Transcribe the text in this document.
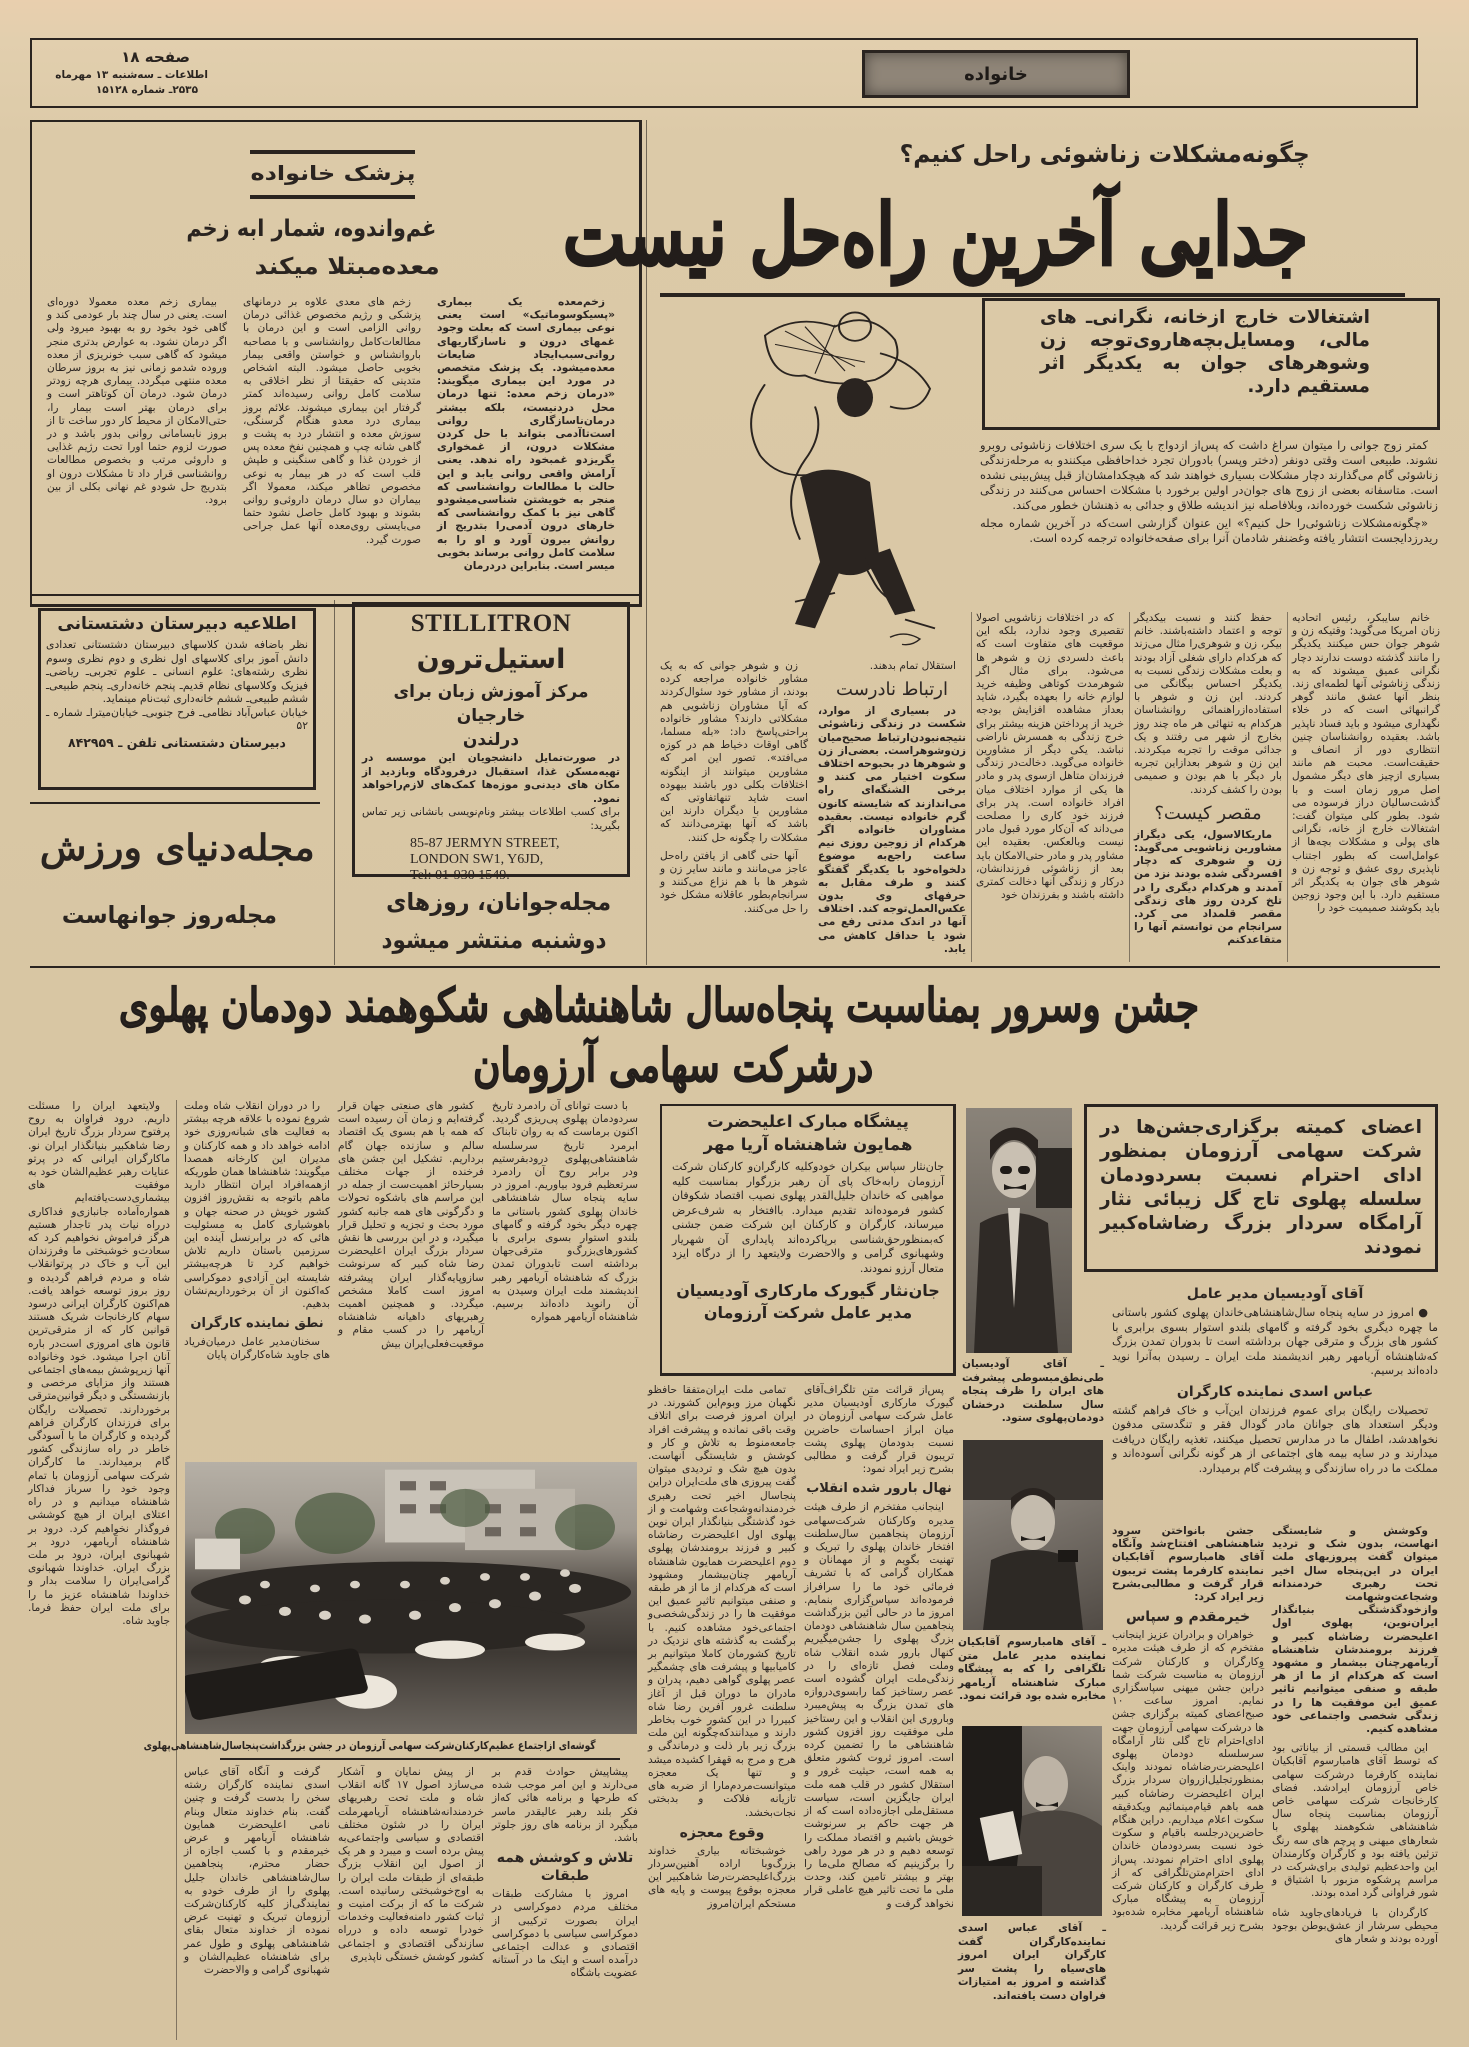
صفحه ۱۸
اطلاعات ـ سه‌شنبه ۱۳ مهرماه
۲۵۳۵ـ شماره ۱۵۱۲۸
خانواده
پزشک خانواده
غم‌واندوه، شمار ابه زخم
معده‌مبتلا میکند

زخم‌معده یک بیماری «پسیکوسوماتیک» است یعنی نوعی بیماری است که بعلت وجود غمهای درون و ناسازگاریهای روانی‌سبب‌ایجاد ضایعات معده‌میشود. یک پزشک متخصص در مورد این بیماری میگویند: «درمان زخم معده: تنها درمان محل دردنیست، بلکه بیشتر درمان‌ناسازگاری روانی است‌تاآدمی بتواند با حل کردن مشکلات درون، از غمخواری بگریزدو غمبخود راه ندهد. یعنی آرامش واقعی روانی یابد و این حالت با مطالعات روانشناسی که منجر به خویشتن شناسی‌میشودو گاهی نیز با کمک روانشناسی که خارهای درون آدمی‌را بتدریج از روانش بیرون آورد و او را به سلامت کامل روانی برساند بخوبی میسر است. بنابراین دردرمان

زخم های معدی علاوه بر درمانهای پزشکی و رژیم مخصوص غذائی درمان روانی الزامی است و این درمان با مطالعات‌کامل روانشناسی و با مصاحبه باروانشناس و خواستن واقعی بیمار بخوبی حاصل میشود. البته اشخاص متدینی که حقیقتا از نظر اخلاقی به سلامت کامل روانی رسیده‌اند کمتر گرفتار این بیماری میشوند. علائم بروز بیماری درد معدو هنگام گرسنگی، سوزش معده و انتشار درد به پشت و گاهی شانه چپ و همچنین نفخ معده پس از خوردن غذا و گاهی سنگینی و طپش قلب است که در هر بیمار به نوعی مخصوص تظاهر میکند، معمولا اگر بیماران دو سال درمان داروئی‌و روانی بشوند و بهبود کامل حاصل نشود حتما می‌بایستی روی‌معده آنها عمل جراحی صورت گیرد.

بیماری زخم معده معمولا دوره‌ای است. یعنی در سال چند بار عودمی کند و گاهی خود بخود رو به بهبود میرود ولی اگر درمان نشود. به عوارض بدتری منجر میشود که گاهی سبب خونریزی از معده وروده شدمو زمانی نیز به بروز سرطان معده منتهی میگردد. بیماری هرچه زودتر درمان شود. درمان آن کوتاهتر است و برای درمان بهتر است بیمار را، حتی‌الامکان از محیط کار دور ساخت تا از بروز نابسامانی روانی بدور باشد و در صورت لزوم حتما اورا تحت رژیم غذایی و داروئی مرتب و بخصوص مطالعات روانشناسی قرار داد تا مشکلات درون او بتدریج حل شودو غم نهانی بکلی از بین برود.

چگونه‌مشکلات زناشوئی راحل کنیم؟
جدایی آخرین راه‌حل نیست
اشتغالات خارج ازخانه، نگرانی‌ـ های مالی، ومسایل‌بچه‌هاروی‌توجه زن وشوهرهای جوان به یکدیگر اثر مستقیم دارد.

کمتر زوج جوانی را میتوان سراغ داشت که پس‌از ازدواج با یک سری اختلافات زناشوئی روبرو نشوند. طبیعی است وقتی دونفر (دختر وپسر) بادوران تجرد خداحافظی میکنندو به مرحله‌زندگی زناشوئی گام می‌گذارند دچار مشکلات بسیاری خواهند شد که هیچکدامشان‌از قبل پیش‌بینی نشده است. متاسفانه بعضی از زوج های جوان‌در اولین برخورد با مشکلات احساس می‌کنند در زندگی زناشوئی شکست خورده‌اند، وبلافاصله نیز اندیشه طلاق و جدائی به ذهنشان خطور می‌کند.

«چگونه‌مشکلات زناشوئی‌را حل کنیم؟» این عنوان گزارشی است‌که در آخرین شماره مجله ریدرزدایجست انتشار یافته وغضنفر شادمان آنرا برای صفحه‌خانواده ترجمه کرده است.

خانم سایبکر، رئیس اتحادیه زنان امریکا می‌گوید: وقتیکه زن و شوهر جوان حس میکنند یکدیگر را مانند گذشته دوست ندارند دچار نگرانی عمیق میشوند که به زندگی زناشوئی آنها لطمه‌ای زند. بنظر آنها عشق مانند گوهر گرانبهائی است که در خلاء نگهداری میشود و باید فساد ناپذیر باشد. بعقیده روانشناسان چنین انتظاری دور از انصاف و حقیقت‌است. محبت هم مانند بسیاری ازچیز های دیگر مشمول اصل مرور زمان است و با گذشت‌سالیان دراز فرسوده می شود. بطور کلی میتوان گفت: اشتغالات خارج از خانه، نگرانی های پولی و مشکلات بچه‌ها از عوامل‌است که بطور اجتناب ناپذیری روی عشق و توجه زن و شوهر های جوان به یکدیگر اثر مستقیم دارد. با این وجود زوجین باید بکوشند صمیمیت خود را

حفظ کنند و نسبت بیکدیگر توجه و اعتماد داشته‌باشند. خانم بیکر، زن و شوهری‌را مثال می‌زند که هرکدام دارای شغلی آزاد بودند و بعلت مشکلات زندگی نسبت به یکدیگر احساس بیگانگی می کردند. این زن و شوهر با استفاده‌ازراهنمائی روانشناسان هرکدام به تنهائی هر ماه چند روز بخارج از شهر می رفتند و یک جدائی موقت را تجربه میکردند. این زن و شوهر بعدازاین تجربه بار دیگر با هم بودن و صمیمی بودن را کشف کردند.

مقصر کیست؟

ماریکالاسول، یکی دیگراز مشاورین زناشویی می‌گوید: زن و شوهری که دچار افسردگی شده بودند نزد من آمدند و هرکدام دیگری را در تلخ کردن روز های زندگی مقصر قلمداد می کرد. سرانجام من توانستم آنها را متقاعدکنم

که در اختلافات زناشویی اصولا تقصیری وجود ندارد، بلکه این موقعیت های متفاوت است که باعث دلسردی زن و شوهر ها می‌شود. برای مثال اگر شوهرمدت کوتاهی وظیفه خرید لوازم خانه را بعهده بگیرد، شاید بعداز مشاهده افزایش بودجه خرید از پرداختن هزینه بیشتر برای خرج زندگی به همسرش ناراضی نباشد. یکی دیگر از مشاورین خانواده می‌گوید. دخالت‌در زندگی فرزندان متاهل ازسوی پدر و مادر ها یکی از موارد اختلاف میان افراد خانواده است. پدر برای فرزند خود کاری را مصلحت می‌داند که آن‌کار مورد قبول مادر نیست وبالعکس. بعقیده این مشاور پدر و مادر حتی‌الامکان باید بعد از زناشوئی فرزندانشان، درکار و زندگی آنها دخالت کمتری داشته باشند و بفرزندان خود

استقلال تمام بدهند.

ارتباط نادرست

در بسیاری از موارد، شکست در زندگی زناشوئی نتیجه‌نبودن‌ارتباط صحیح‌میان زن‌وشوهراست. بعضی‌از زن و شوهرها در بحبوحه اختلاف سکوت اختیار می کنند و برخی الشنگه‌ای راه می‌اندازند که شایسته کانون گرم خانواده نیست. بعقیده مشاوران خانواده اگر هرکدام از زوجین روزی نیم ساعت راجع‌به موضوع دلخواه‌خود با یکدیگر گفتگو کنند و طرف مقابل به حرفهای وی بدون عکس‌العمل‌توجه کند. اختلاف آنها در اندک مدتی رفع می شود یا حداقل کاهش می یابد.

زن و شوهر جوانی که به یک مشاور خانواده مراجعه کرده بودند، از مشاور خود سئوال‌کردند که آیا مشاوران زناشویی هم مشکلاتی دارند؟ مشاور خانواده براحتی‌پاسخ داد: «بله مسلما، گاهی اوقات دخیاط هم در کوزه می‌افتد». تصور این امر که مشاورین میتوانند از اینگونه اختلافات بکلی دور باشند بیهوده است شاید تنهاتفاوتی که مشاورین با دیگران دارند این باشد که آنها بهترمی‌دانند که مشکلات را چگونه حل کنند.

آنها حتی گاهی از یافتن راه‌حل عاجز می‌مانند و مانند سایر زن و شوهر ها با هم نزاع می‌کنند و سرانجام‌بطور عاقلانه مشکل خود را حل می‌کنند.

اطلاعیه دبیرستان دشتستانی
نظر باضافه شدن کلاسهای دبیرستان دشتستانی تعدادی دانش آموز برای کلاسهای اول نظری و دوم نظری وسوم نظری رشته‌های: علوم انسانی ـ علوم تجربی‌ـ ریاضی‌ـ فیزیک وکلاسهای نظام قدیم‌ـ پنجم خانه‌داری‌ـ پنجم طبیعی‌ـ ششم طبیعی‌ـ ششم خانه‌داری ثبت‌نام مینماید.
خیابان عباس‌آباد نظامی‌ـ فرح جنوبی‌ـ خیابان‌میترا‌ـ شماره ـ ۵۲
دبیرستان دشتستانی تلفن ـ ۸۴۲۹۵۹
مجله‌دنیای ورزش
مجله‌روز جوانهاست
STILLITRON
استیل‌ترون
مرکز آموزش زبان برای خارجیان
درلندن
در صورت‌تمایل دانشجویان این موسسه در تهیه‌مسکن غذا، استقبال درفرودگاه وبازدید از مکان های دیدنی‌و موزه‌ها کمک‌های لازم‌راخواهد نمود.
برای کسب اطلاعات بیشتر ونام‌نویسی بانشانی زیر تماس بگیرید:
85-87 JERMYN STREET,
LONDON SW1, Y6JD,
Tel: 01-930 1549.
مجله‌جوانان، روزهای
دوشنبه منتشر میشود
جشن وسرور بمناسبت پنجاه‌سال شاهنشاهی شکوهمند دودمان پهلوی
درشرکت سهامی آرزومان
اعضای کمیته برگزاری‌جشن‌ها در شرکت سهامی آرزومان بمنظور ادای احترام نسبت بسردودمان سلسله پهلوی تاج گل زیبائی نثار آرامگاه سردار بزرگ رضاشاه‌کبیر نمودند
ـ آقای آودیسیان طی‌نطق‌مبسوطی پیشرفت های ایران را ظرف پنجاه سال سلطنت درخشان دودمان‌پهلوی ستود.
پیشگاه مبارک اعلیحضرت همایون شاهنشاه آریا مهر
جان‌نثار سپاس بیکران خودوکلیه کارگران‌و کارکنان شرکت آرزومان رابه‌خاک پای آن رهبر بزرگوار بمناسبت کلیه مواهبی که خاندان جلیل‌القدر پهلوی نصیب اقتصاد شکوفان کشور فرموده‌اند تقدیم میدارد. باافتخار به شرف‌عرض میرساند، کارگران و کارکنان این شرکت ضمن جشنی که‌بمنظورحق‌شناسی برپاکرده‌اند پایداری آن شهریار وشهبانوی گرامی و والاحضرت ولایتعهد را از درگاه ایزد متعال آرزو نمودند.
جان‌نثار گیورک مارکاری آودیسیان
مدیر عامل شرکت آرزومان
آقای آودیسیان مدیر عامل

● امروز در سایه پنجاه سال‌شاهنشاهی‌خاندان پهلوی کشور باستانی ما چهره دیگری بخود گرفته و گامهای بلندو استوار بسوی برابری با کشور های بزرگ و مترقی جهان برداشته است تا بدوران تمدن بزرگ که‌شاهنشاه آریامهر رهبر اندیشمند ملت ایران ـ رسیدن به‌آنرا نوید داده‌اند برسیم.

عباس اسدی نماینده کارگران

تحصیلات رایگان برای عموم فرزندان این‌آب و خاک فراهم گشته ودیگر استعداد های جوانان مادر گودال فقر و تنگدستی مدفون نخواهدشد، اطفال ما در مدارس تحصیل میکنند، تغذیه رایگان دریافت میدارند و در سایه بیمه های اجتماعی از هر گونه نگرانی آسوده‌اند و مملکت ما در راه سازندگی و پیشرفت گام برمیدارد.

ـ آقای هامبارسوم آقابکیان نماینده مدیر عامل متن تلگرافی را که به پیشگاه مبارک شاهنشاه آریامهر مخابره شده بود قرائت نمود.
ـ آقای عباس اسدی نماینده‌کارگران گفت کارگران ایران امروز های‌سیاه را پشت سر گذاشته و امروز به امتیازات فراوان دست یافته‌اند.

وکوشش و شایستگی انهاست، بدون شک و تردید میتوان گفت پیروزیهای ملت ایران در این‌پنجاه سال اخیر تحت رهبری خردمندانه وشجاعت‌وشهامت وازخودگذشتگی بنیانگذار ایران‌نوین، پهلوی اول اعلیحضرت رضاشاه کبیر و فرزند برومندشان شاهنشاه آریامهرچنان بیشمار و مشهود است که هرکدام از ما از هر طبقه و صنفی میتوانیم تاثیر عمیق این موفقیت ها را در زندگی شخصی واجتماعی خود مشاهده کنیم.

این مطالب قسمتی از بیاناتی بود که توسط آقای هامبارسوم آقابکیان نماینده کارفرما درشرکت سهامی خاص آرزومان ایرادشد. فضای کارخانجات شرکت سهامی خاص آرزومان بمناسبت پنجاه سال شاهنشاهی شکوهمند پهلوی با شعارهای میهنی و پرچم های سه رنگ تزئین یافته بود و کارگران وکارمندان این واحدعظیم تولیدی برای‌شرکت در مراسم پرشکوه مزبور با اشتیاق و شور فراوانی گرد امده بودند.

کارگردان با فریادهای‌جاوید شاه محیطی سرشار از عشق‌بوطن بوجود آورده بودند و شعار های

جشن بانواختن سرود شاهنشاهی افتتاح‌شد وآنگاه آقای هامبارسوم آقابکیان نماینده کارفرما پشت تریبون قرار گرفت و مطالبی‌بشرح زیر ایراد کرد:

خیرمقدم و سپاس

خواهران و برادران عزیز اینجانب مفتخرم که از طرف هیئت مدیره وکارگران و کارکنان شرکت آرزومان به مناسبت شرکت شما دراین جشن میهنی سپاسگزاری نمایم. امروز ساعت ۱۰ صبح‌اعضای کمیته برگزاری جشن ها درشرکت سهامی آرزومان جهت ادای‌احترام تاج گلی نثار آرامگاه سرسلسله دودمان پهلوی اعلیحضرت‌رضاشاه نمودند واینک بمنظورتجلیل‌ازروان سردار بزرگ ایران اعلیحضرت رضاشاه کبیر همه باهم قیام‌مینمائیم ویکدقیقه سکوت اعلام میداریم. دراین هنگام حاضرین‌درجلسه باقیام و سکوت خود نسبت بسردودمان خاندان پهلوی ادای احترام نمودند. پس‌از ادای احترام‌متن‌تلگرافی که از طرف کارگران و کارکنان شرکت آرزومان به پیشگاه مبارک شاهنشاه آریامهر مخابره شده‌بود بشرح زیر قرائت گردید.

پس‌از قرائت متن تلگراف‌آقای گیورک مارکاری آودیسیان مدیر عامل شرکت سهامی آرزومان در میان ابراز احساسات حاضرین نسبت بدودمان پهلوی پشت تریبون قرار گرفت و مطالبی بشرح زیر ایراد نمود:

نهال بارور شده انقلاب

اینجانب مفتخرم از طرف هیئت مدیره وکارکنان شرکت‌سهامی آرزومان پنجاهمین سال‌سلطنت افتخار خاندان پهلوی را تبریک و تهنیت بگویم و از مهمانان و همکاران گرامی که با تشریف فرمائی خود ما را سرافراز فرموده‌اند سپاس‌گزاری بنمایم. امروز ما در حالی آئین بزرگداشت پنجاهمین سال شاهنشاهی دودمان بزرگ پهلوی را جشن‌میگیریم کنهال بارور شده انقلاب شاه وملت فصل تازه‌ای را در زندگی‌ملت ایران گشوده است عصر رستاخیز کما رابسوی‌دروازه های تمدن بزرگ به پیش‌میبرد وباروری این انقلاب و این رستاخیز ملی موفقیت روز افزون کشور شاهنشاهی ما را تضمین کرده است. امروز ثروت کشور متعلق به همه است، حیثیت غرور و استقلال کشور در قلب همه ملت ایران جایگزین است، سیاست مستقل‌ملی اجازه‌داده است که از هر جهت حاکم بر سرنوشت خویش باشیم و اقتصاد مملکت را توسعه دهیم و در هر مورد راهی را برگزینیم که مصالح ملی‌ما را بهتر و بیشتر تامین کند، وحدت ملی ما تحت تاثیر هیچ عاملی قرار نخواهد گرفت و

تمامی ملت ایران‌متفقا حافظو نگهبان مرز وبوم‌این کشورند. در ایران امروز فرصت برای اتلاف وقت باقی نمانده و پیشرفت افراد جامعه‌منوط به تلاش و کار و کوشش و شایستگی آنهاست. بدون هیچ شک و تردیدی میتوان گفت پیروزی های ملت‌ایران دراین پنجاسال اخیر تحت رهبری خردمندانه‌وشجاعت وشهامت و از خود گذشتگی بنیانگذار ایران نوین پهلوی اول اعلیحضرت رضاشاه کبیر و فرزند برومندشان پهلوی دوم اعلیحضرت همایون شاهنشاه آریامهر چنان‌بیشمار ومشهود است که هرکدام از ما از هر طبقه و صنفی میتوانیم تاثیر عمیق این موفقیت ها را در زندگی‌شخصی‌و اجتماعی‌خود مشاهده کنیم. با برگشت به گذشته های نزدیک در تاریخ کشورمان کاملا میتوانیم بر کامیابیها و پیشرفت های چشمگیر عصر پهلوی گواهی دهیم، پدران و مادران ما دوران قبل از آغاز سلطنت غرور آفرین رضا شاه کبیررا در این کشور خوب بخاطر دارند و میدانندکه‌چگونه این ملت بزرگ زیر بار ذلت و درماندگی و هرج و مرج به قهقرا کشیده میشد و تنها یک معجزه میتوانست‌مردم‌مارا از ضربه های تازیانه فلاکت و بدبختی نجات‌بخشد.

وقوع معجزه

خوشبختانه بیاری خداوند بزرگ‌وبا اراده آهنین‌سردار بزرگ‌اعلیحضرت‌رضا شاهکبیر این معجزه بوقوع پیوست و پایه های مستحکم ایران‌امروز

با دست توانای آن رادمرد تاریخ سردودمان پهلوی پی‌ریزی گردید. اکنون برماست که به روان تابناک ابرمرد تاریخ سرسلسله شاهنشاهی‌پهلوی درودبفرستیم ودر برابر روح آن رادمرد سرتعظیم فرود بیاوریم. امروز در سایه پنجاه سال شاهنشاهی خاندان پهلوی کشور باستانی ما چهره دیگر بخود گرفته و گامهای بلندو استوار بسوی برابری با کشورهای‌بزرگ‌و مترقی‌جهان برداشته است تابدوران تمدن بزرگ که شاهنشاه آریامهر رهبر اندیشمند ملت ایران وسیدن به آن رانوید داده‌اند برسیم. شاهنشاه آریامهر همواره

کشور های صنعتی جهان قرار گرفته‌ایم و زمان آن رسیده است که همه با هم بسوی یک اقتصاد سالم و سازنده جهان گام برداریم. تشکیل این جشن های فرخنده از جهات مختلف بسیارحائز اهمیت‌ست از جمله در این مراسم های باشکوه تحولات و دگرگونی های همه جانبه کشور مورد بحث و تجزیه و تحلیل قرار میگیرد، و در این بررسی ها نقش سردار بزرگ ایران اعلیحضرت رضا شاه کبیر که سرنوشت سازوپایه‌گذار ایران پیشرفته امروز است کاملا مشخص میگردد. و همچنین اهمیت رهبریهای داهیانه شاهنشاه آریامهر را در کسب مقام و موقعیت‌فعلی‌ایران بیش

را در دوران انقلاب شاه وملت شروع نموده با علاقه هرچه بیشتر به فعالیت های شبانه‌روزی خود ادامه خواهد داد و همه کارکنان و مدیران این کارخانه همصدا میگویند: شاهنشاها همان طوریکه ازهمه‌افراد ایران انتظار دارید ماهم باتوجه به نقش‌روز افزون کشور خویش در صحنه جهان و باهوشیاری کامل به مسئولیت هائی که در برابرنسل آینده این سرزمین باستان داریم تلاش خواهیم کرد تا هرچه‌بیشتر شایسته این آزادی‌و دموکراسی که‌اکنون از آن برخورداریم‌نشان بدهیم.

نطق نماینده کارگران

سخنان‌مدیر عامل درمیان‌فریاد های جاوید شاه‌کارگران پایان

ولایتعهد ایران را مسئلت داریم. درود فراوان به روح پرفتوح سردار بزرگ تاریخ ایران رضا شاهکبیر بنیانگذار ایران نو. ماکارگران ایرانی که در پرتو عنایات رهبر عظیم‌الشان خود به موفقیت های بیشماری‌دست‌یافته‌ایم همواره‌آماده جانبازی‌و فداکاری درراه نیات پدر تاجدار هستیم هرگز فراموش نخواهیم کرد که سعادت‌و خوشبختی ما وفرزندان این آب و خاک در پرتوانقلاب شاه و مردم فراهم گردیده و روز بروز توسعه خواهد یافت. هم‌اکنون کارگران ایرانی درسود سهام کارخانجات شریک هستند قوانین کار که از مترقی‌ترین قانون های امروزی است‌در باره آنان اجرا میشود. خود وخانواده آنها زیرپوشش بیمه‌های اجتماعی هستند واز مزایای مرخصی و بازنشستگی و دیگر قوانین‌مترقی برخوردارند. تحصیلات رایگان برای فرزندان کارگران فراهم گردیده و کارگران ما با آسودگی خاطر در راه سازندگی کشور گام برمیدارند. ما کارگران شرکت سهامی آرزومان با تمام وجود خود را سرباز فداکار شاهنشاه میدانیم و در راه اعتلای ایران از هیچ کوششی فروگذار نخواهیم کرد. درود بر شاهنشاه آریامهر، درود بر شهبانوی ایران، درود بر ملت بزرگ ایران. خداوندا شهبانوی گرامی‌ایران را سلامت بدار و خداوندا شاهنشاه عزیز ما را برای ملت ایران حفظ فرما. جاوید شاه.

گوشه‌ای ازاجتماع عظیم‌کارکنان‌شرکت سهامی آرزومان در جشن بزرگداشت‌پنجاسال‌شاهنشاهی‌پهلوی

پیشاپیش حوادث قدم بر می‌دارند و این امر موجب شده که طرحها و برنامه هائی که‌از فکر بلند رهبر عالیقدر ماسر میگیرد از برنامه های روز جلوتر باشد.

تلاش و کوشش همه طبقات

امروز با مشارکت طبقات مختلف مردم دموکراسی در ایران بصورت ترکیبی از دموکراسی سیاسی با دموکراسی اقتصادی و عدالت اجتماعی درآمده است و اینک ما در آستانه عضویت باشگاه

از پیش نمایان و آشکار می‌سازد اصول ۱۷ گانه انقلاب شاه و ملت تحت رهبریهای خردمندانه‌شاهنشاه آریامهرملت ایران را در شئون مختلف اقتصادی و سیاسی واجتماعی‌به پیش برده است و میبرد و هر یک از اصول این انقلاب بزرگ طبقه‌ای از طبقات ملت ایران را به اوج‌خوشبختی رسانیده است. شرکت ما که از برکت امنیت و ثبات کشور دامنه‌فعالیت وخدمات خودرا توسعه داده و درراه سازندگی اقتصادی و اجتماعی کشور کوشش خستگی ناپذیری

گرفت و آنگاه آقای عباس اسدی نماینده کارگران رشته سخن را بدست گرفت و چنین گفت. بنام خداوند متعال وبنام نامی اعلیحضرت همایون شاهنشاه آریامهر و عرض خیرمقدم و با کسب اجازه از حضار محترم، پنجاهمین سال‌شاهنشاهی خاندان جلیل پهلوی را از طرف خودو به نمایندگی‌از کلیه کارکنان‌شرکت آرزومان تبریک و تهنیت عرض نموده از خداوند متعال بقای شاهنشاهی پهلوی و طول عمر برای شاهنشاه عظیم‌الشان و شهبانوی گرامی و والاحضرت
